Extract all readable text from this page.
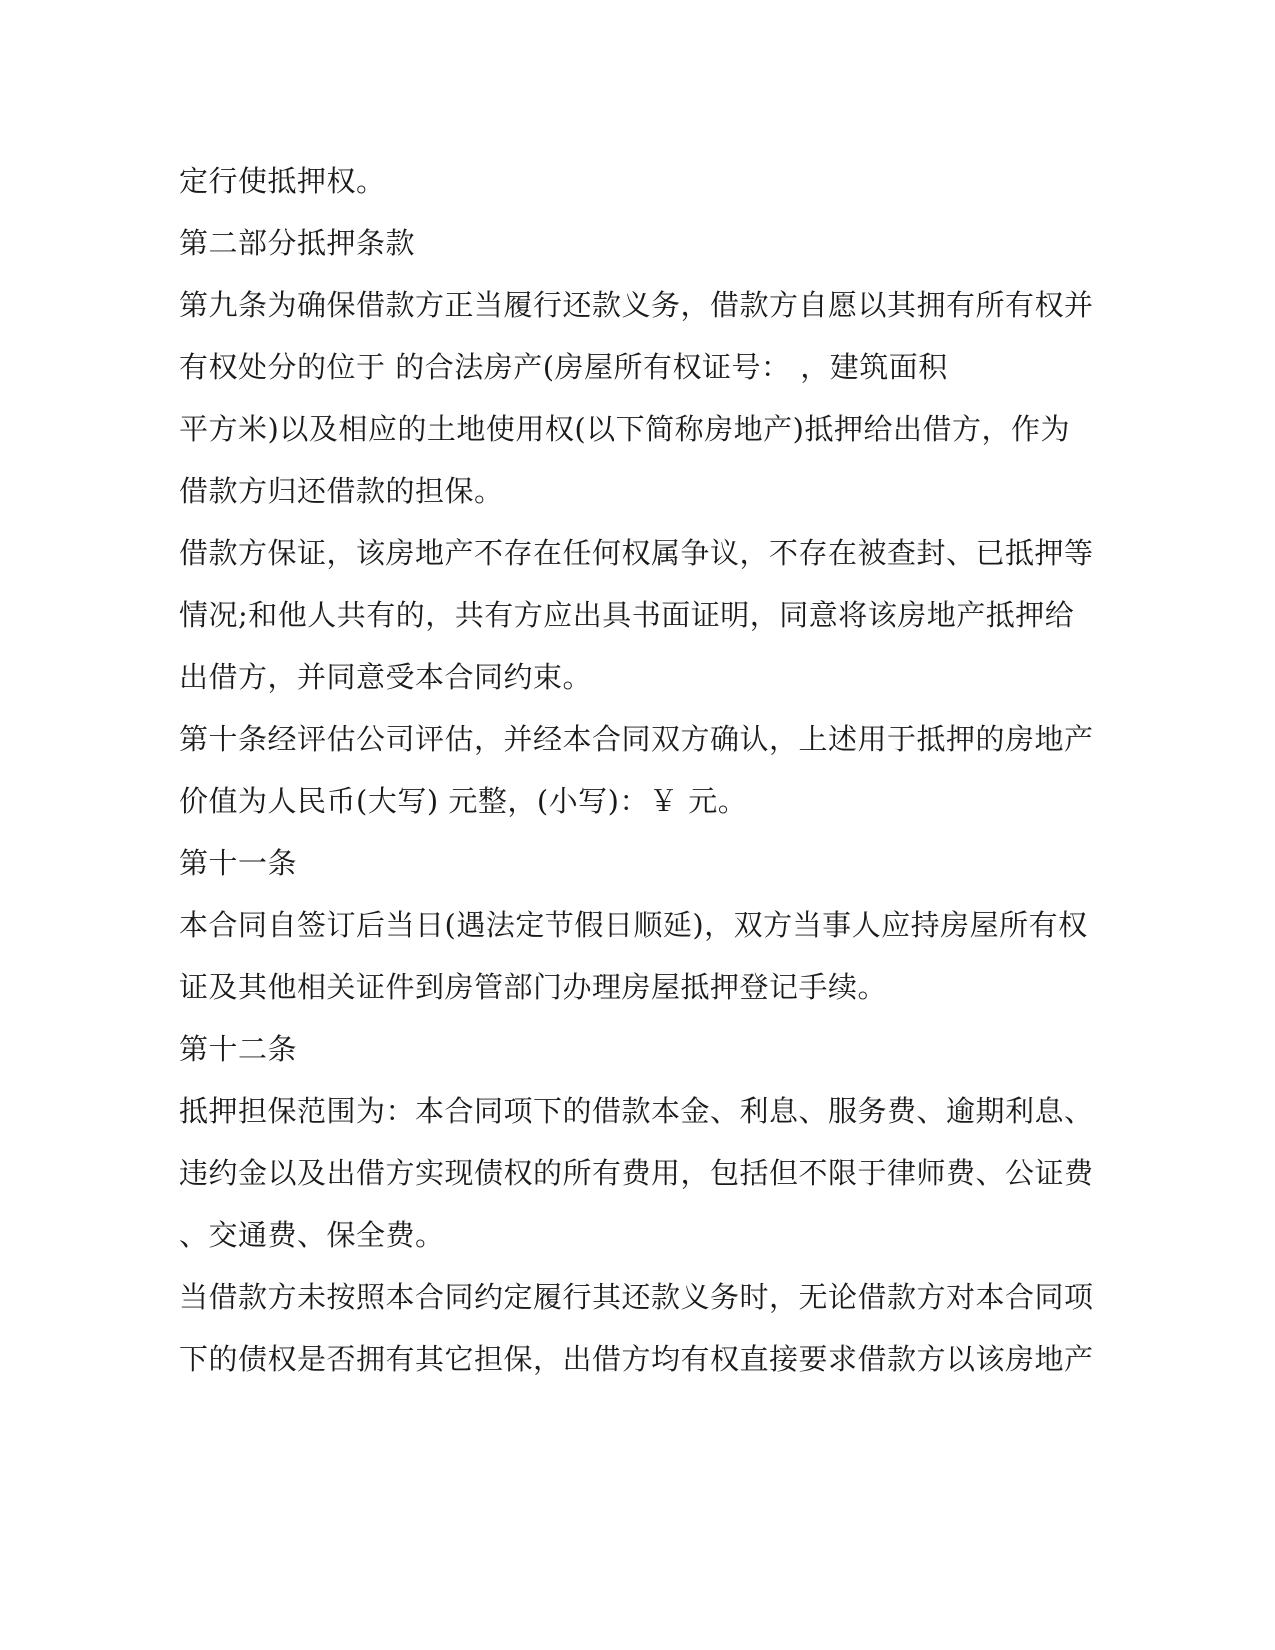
定行使抵押权。
第二部分抵押条款
第九条为确保借款方正当履行还款义务，借款方自愿以其拥有所有权并
有权处分的位于 的合法房产(房屋所有权证号： ，建筑面积
平方米)以及相应的土地使用权(以下简称房地产)抵押给出借方，作为
借款方归还借款的担保。
借款方保证，该房地产不存在任何权属争议，不存在被查封、已抵押等
情况;和他人共有的，共有方应出具书面证明，同意将该房地产抵押给
出借方，并同意受本合同约束。
第十条经评估公司评估，并经本合同双方确认，上述用于抵押的房地产
价值为人民币(大写) 元整，(小写)：￥ 元。
第十一条
本合同自签订后当日(遇法定节假日顺延)，双方当事人应持房屋所有权
证及其他相关证件到房管部门办理房屋抵押登记手续。
第十二条
抵押担保范围为：本合同项下的借款本金、利息、服务费、逾期利息、
违约金以及出借方实现债权的所有费用，包括但不限于律师费、公证费
、交通费、保全费。
当借款方未按照本合同约定履行其还款义务时，无论借款方对本合同项
下的债权是否拥有其它担保，出借方均有权直接要求借款方以该房地产
